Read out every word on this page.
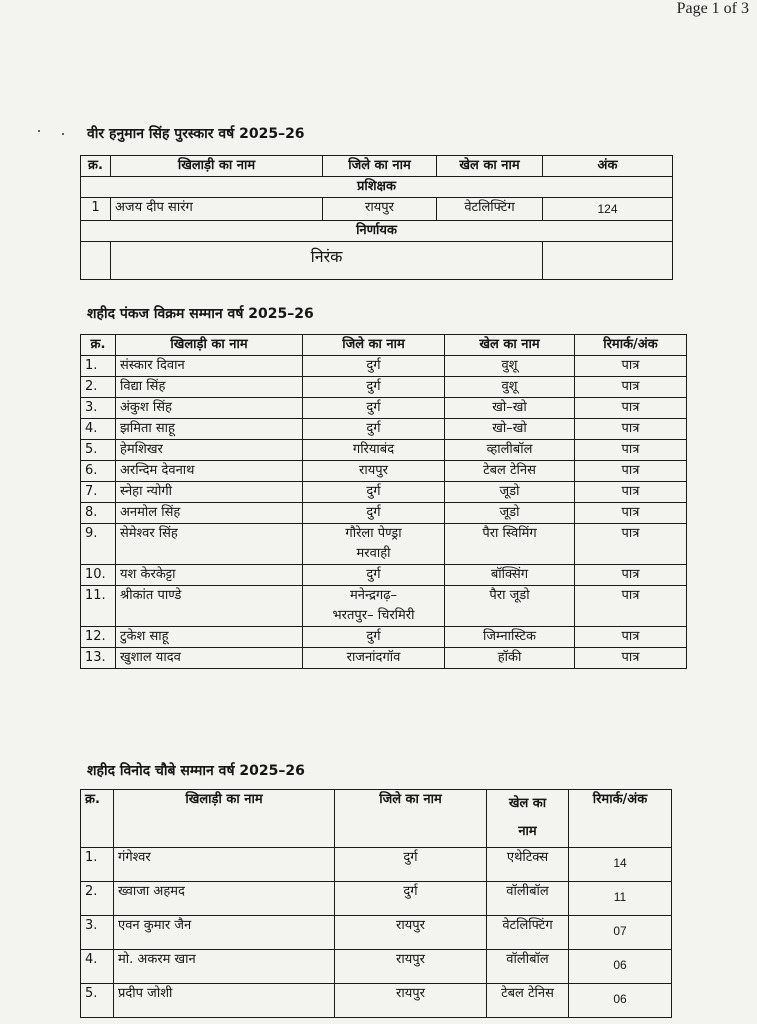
Page 1 of 3
वीर हनुमान सिंह पुरस्कार वर्ष 2025–26
क्र.	खिलाड़ी का नाम	जिले का नाम	खेल का नाम	अंक
प्रशिक्षक				
1	अजय दीप सारंग	रायपुर	वेटलिफ्टिंग	124
निर्णायक				
	निरंक			
शहीद पंकज विक्रम सम्मान वर्ष 2025–26
क्र.	खिलाड़ी का नाम	जिले का नाम	खेल का नाम	रिमार्क/अंक
1.	संस्कार दिवान	दुर्ग	वुशू	पात्र
2.	विद्या सिंह	दुर्ग	वुशू	पात्र
3.	अंकुश सिंह	दुर्ग	खो–खो	पात्र
4.	झमिता साहू	दुर्ग	खो–खो	पात्र
5.	हेमशिखर	गरियाबंद	व्हालीबॉल	पात्र
6.	अरन्दिम देवनाथ	रायपुर	टेबल टेनिस	पात्र
7.	स्नेहा न्योगी	दुर्ग	जूडो	पात्र
8.	अनमोल सिंह	दुर्ग	जूडो	पात्र
9.	सेमेश्वर सिंह	गौरेला पेण्ड्रा
मरवाही	पैरा स्विमिंग	पात्र
10.	यश केरकेट्टा	दुर्ग	बॉक्सिंग	पात्र
11.	श्रीकांत पाण्डे	मनेन्द्रगढ़–
भरतपुर– चिरमिरी	पैरा जूडो	पात्र
12.	टुकेश साहू	दुर्ग	जिम्नास्टिक	पात्र
13.	खुशाल यादव	राजनांदगॉव	हॉकी	पात्र
शहीद विनोद चौबे सम्मान वर्ष 2025–26
क्र.	खिलाड़ी का नाम	जिले का नाम	खेल का
नाम	रिमार्क/अंक
1.	गंगेश्वर	दुर्ग	एथेटिक्स	14
2.	ख्वाजा अहमद	दुर्ग	वॉलीबॉल	11
3.	एवन कुमार जैन	रायपुर	वेटलिफ्टिंग	07
4.	मो. अकरम खान	रायपुर	वॉलीबॉल	06
5.	प्रदीप जोशी	रायपुर	टेबल टेनिस	06
